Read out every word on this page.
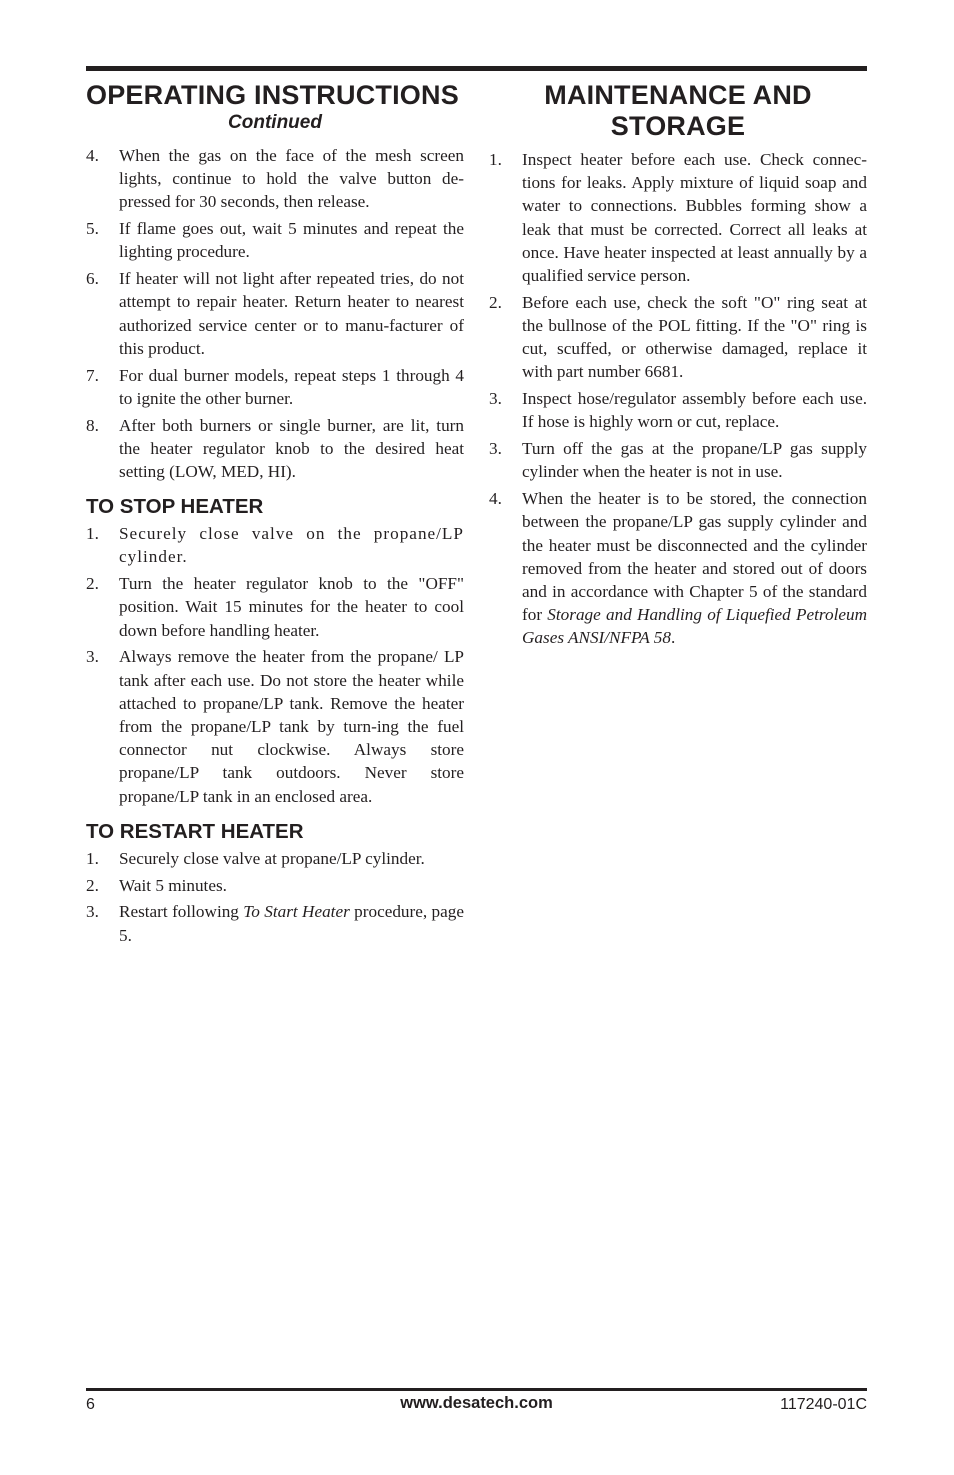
OPERATING INSTRUCTIONS
Continued
4. When the gas on the face of the mesh screen lights, continue to hold the valve button de-pressed for 30 seconds, then release.
5. If flame goes out, wait 5 minutes and repeat the lighting procedure.
6. If heater will not light after repeated tries, do not attempt to repair heater. Return heater to nearest authorized service center or to manu-facturer of this product.
7. For dual burner models, repeat steps 1 through 4 to ignite the other burner.
8. After both burners or single burner, are lit, turn the heater regulator knob to the desired heat setting (LOW, MED, HI).
TO STOP HEATER
1. Securely close valve on the propane/LP cylinder.
2. Turn the heater regulator knob to the "OFF" position. Wait 15 minutes for the heater to cool down before handling heater.
3. Always remove the heater from the propane/ LP tank after each use. Do not store the heater while attached to propane/LP tank. Remove the heater from the propane/LP tank by turn-ing the fuel connector nut clockwise. Always store propane/LP tank outdoors. Never store propane/LP tank in an enclosed area.
TO RESTART HEATER
1. Securely close valve at propane/LP cylinder.
2. Wait 5 minutes.
3. Restart following To Start Heater procedure, page 5.
MAINTENANCE AND
STORAGE
1. Inspect heater before each use. Check connec-tions for leaks. Apply mixture of liquid soap and water to connections. Bubbles forming show a leak that must be corrected. Correct all leaks at once. Have heater inspected at least annually by a qualified service person.
2. Before each use, check the soft "O" ring seat at the bullnose of the POL fitting. If the "O" ring is cut, scuffed, or otherwise damaged, replace it with part number 6681.
3. Inspect hose/regulator assembly before each use. If hose is highly worn or cut, replace.
3. Turn off the gas at the propane/LP gas supply cylinder when the heater is not in use.
4. When the heater is to be stored, the connection between the propane/LP gas supply cylinder and the heater must be disconnected and the cylinder removed from the heater and stored out of doors and in accordance with Chapter 5 of the standard for Storage and Handling of Liquefied Petroleum Gases ANSI/NFPA 58.
6	www.desatech.com	117240-01C
